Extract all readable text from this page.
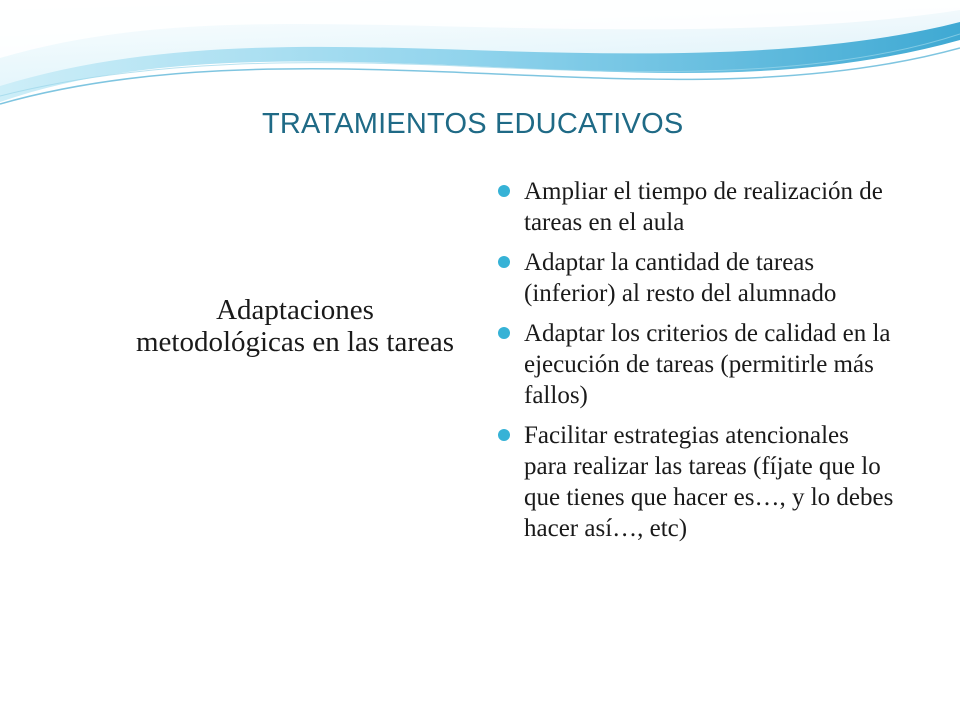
TRATAMIENTOS EDUCATIVOS
Adaptaciones metodológicas en las tareas
Ampliar el tiempo de realización de tareas en el aula
Adaptar la cantidad de tareas (inferior) al resto del alumnado
Adaptar los criterios de calidad en la ejecución de tareas (permitirle más fallos)
Facilitar estrategias atencionales para realizar las tareas (fíjate que lo que tienes que hacer es…, y lo debes hacer así…, etc)
